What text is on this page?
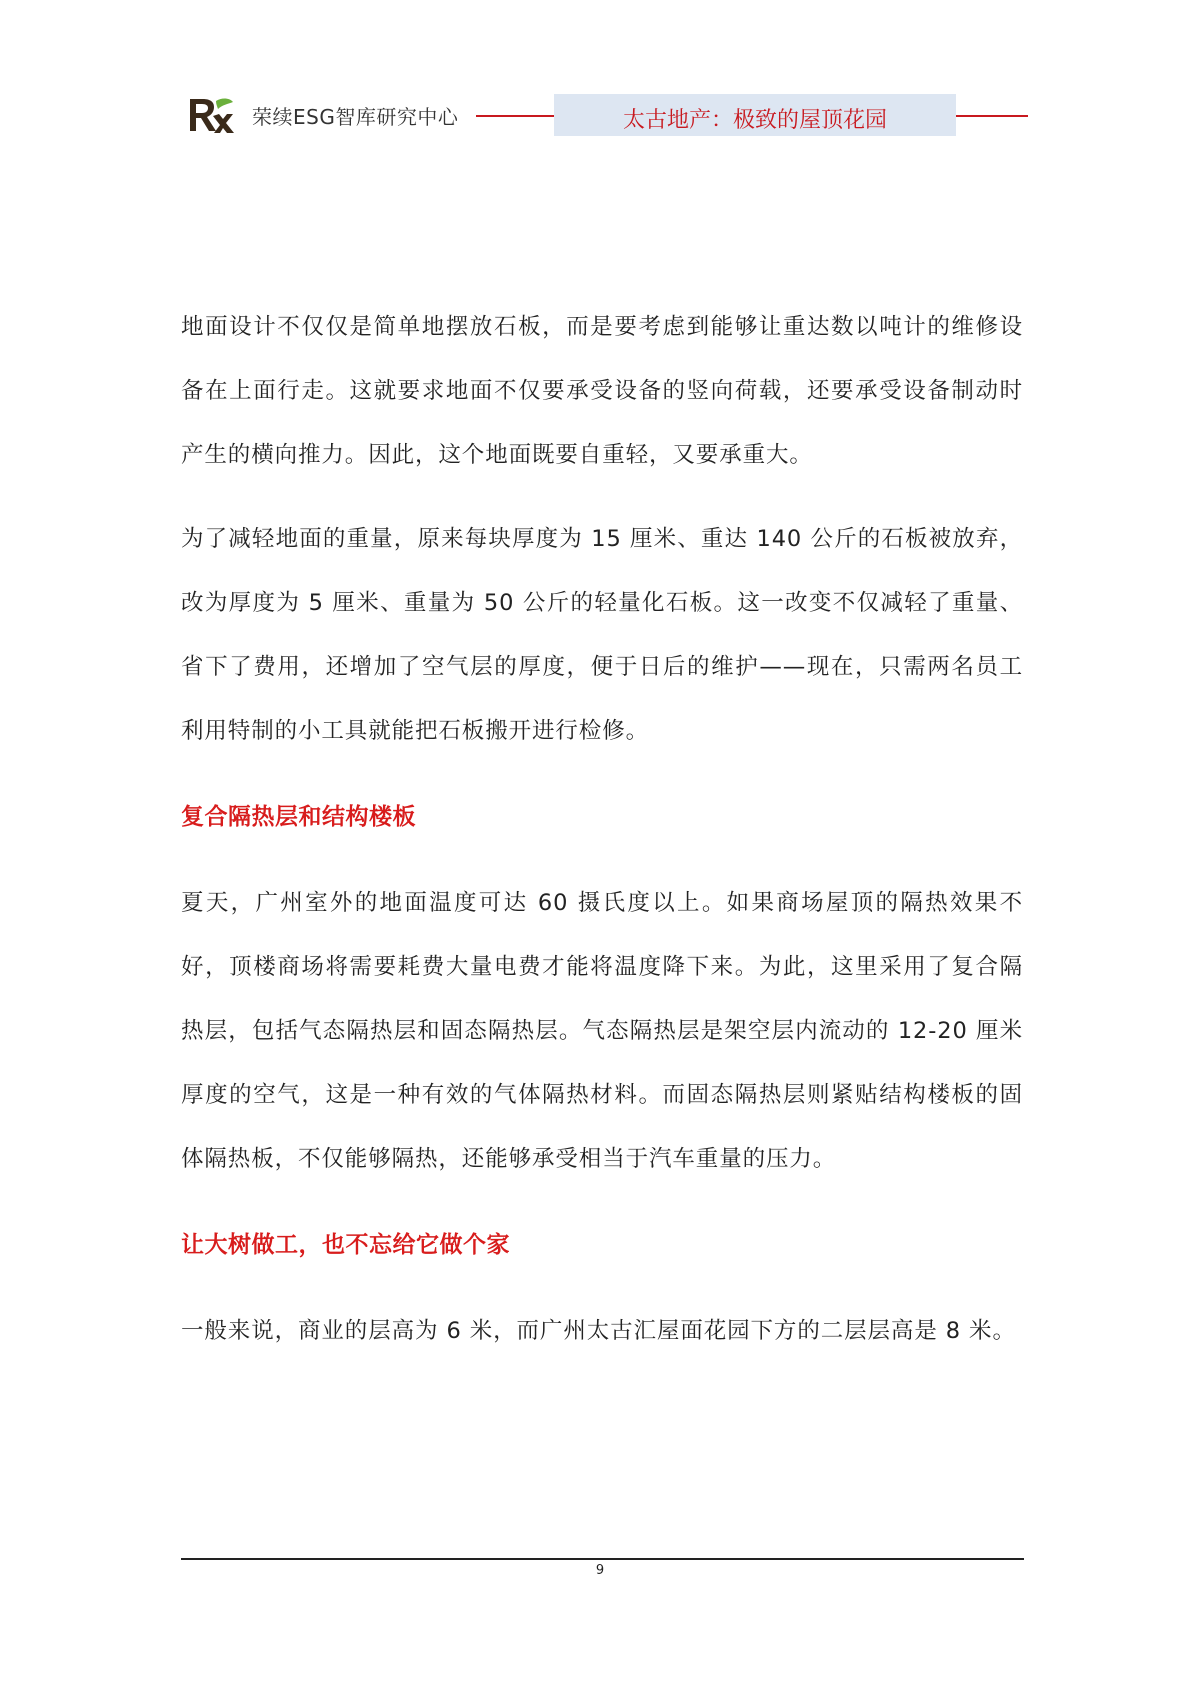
荣续ESG智库研究中心	太古地产：极致的屋顶花园

地面设计不仅仅是简单地摆放石板，而是要考虑到能够让重达数以吨计的维修设备在上面行走。这就要求地面不仅要承受设备的竖向荷载，还要承受设备制动时产生的横向推力。因此，这个地面既要自重轻，又要承重大。

为了减轻地面的重量，原来每块厚度为 15 厘米、重达 140 公斤的石板被放弃，改为厚度为 5 厘米、重量为 50 公斤的轻量化石板。这一改变不仅减轻了重量、省下了费用，还增加了空气层的厚度，便于日后的维护——现在，只需两名员工利用特制的小工具就能把石板搬开进行检修。

复合隔热层和结构楼板

夏天，广州室外的地面温度可达 60 摄氏度以上。如果商场屋顶的隔热效果不好，顶楼商场将需要耗费大量电费才能将温度降下来。为此，这里采用了复合隔热层，包括气态隔热层和固态隔热层。气态隔热层是架空层内流动的 12-20 厘米厚度的空气，这是一种有效的气体隔热材料。而固态隔热层则紧贴结构楼板的固体隔热板，不仅能够隔热，还能够承受相当于汽车重量的压力。

让大树做工，也不忘给它做个家

一般来说，商业的层高为 6 米，而广州太古汇屋面花园下方的二层层高是 8 米。

9
